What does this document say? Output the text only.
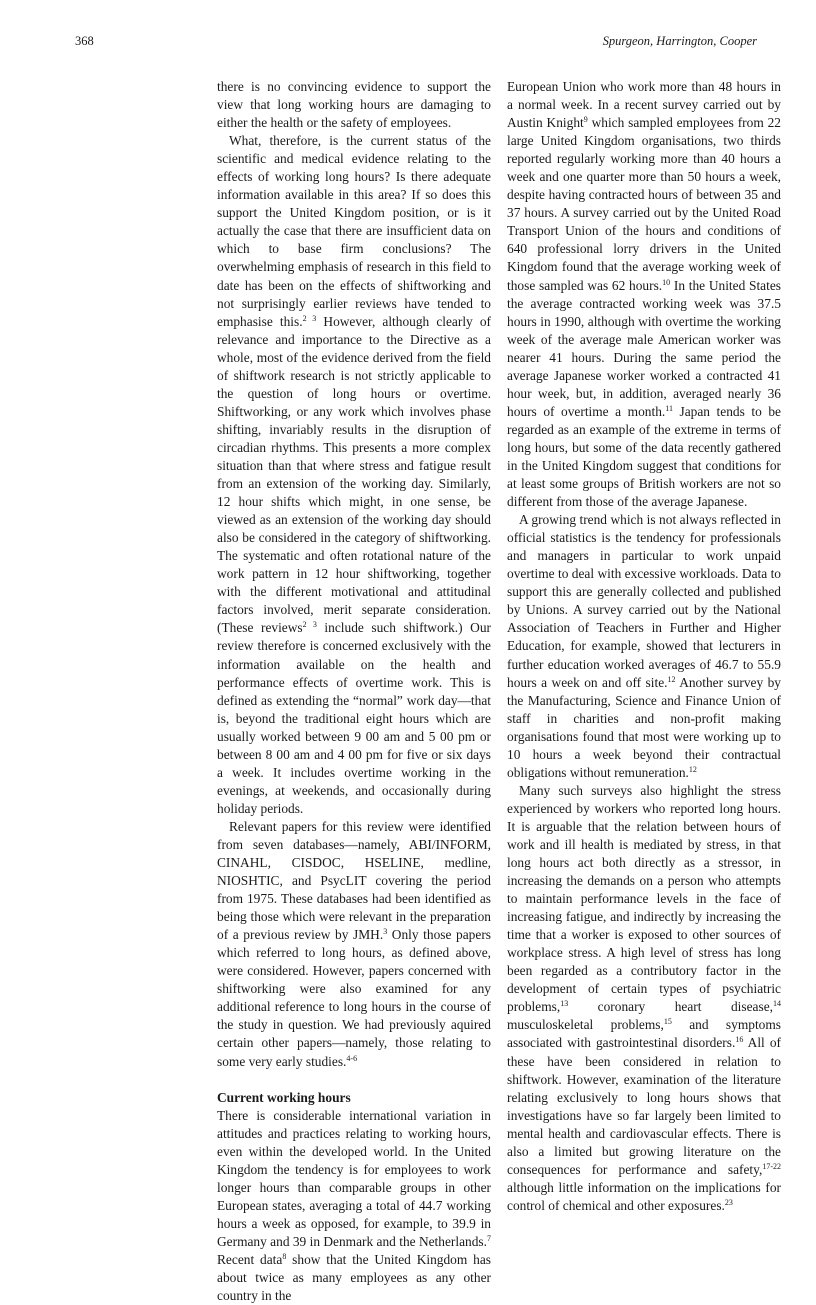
368	Spurgeon, Harrington, Cooper

there is no convincing evidence to support the view that long working hours are damaging to either the health or the safety of employees.

What, therefore, is the current status of the scientific and medical evidence relating to the effects of working long hours? Is there adequate information available in this area? If so does this support the United Kingdom position, or is it actually the case that there are insufficient data on which to base firm conclusions? The overwhelming emphasis of research in this field to date has been on the effects of shiftworking and not surprisingly earlier reviews have tended to emphasise this.$^{2 3}$ However, although clearly of relevance and importance to the Directive as a whole, most of the evidence derived from the field of shiftwork research is not strictly applicable to the question of long hours or overtime. Shiftworking, or any work which involves phase shifting, invariably results in the disruption of circadian rhythms. This presents a more complex situation than that where stress and fatigue result from an extension of the working day. Similarly, 12 hour shifts which might, in one sense, be viewed as an extension of the working day should also be considered in the category of shiftworking. The systematic and often rotational nature of the work pattern in 12 hour shiftworking, together with the different motivational and attitudinal factors involved, merit separate consideration. (These reviews$^{2 3}$ include such shiftwork.) Our review therefore is concerned exclusively with the information available on the health and performance effects of overtime work. This is defined as extending the “normal” work day—that is, beyond the traditional eight hours which are usually worked between 9 00 am and 5 00 pm or between 8 00 am and 4 00 pm for five or six days a week. It includes overtime working in the evenings, at weekends, and occasionally during holiday periods.

Relevant papers for this review were identified from seven databases—namely, ABI/INFORM, CINAHL, CISDOC, HSELINE, medline, NIOSHTIC, and PsycLIT covering the period from 1975. These databases had been identified as being those which were relevant in the preparation of a previous review by JMH.$^3$ Only those papers which referred to long hours, as defined above, were considered. However, papers concerned with shiftworking were also examined for any additional reference to long hours in the course of the study in question. We had previously aquired certain other papers—namely, those relating to some very early studies.$^{4-6}$

Current working hours

There is considerable international variation in attitudes and practices relating to working hours, even within the developed world. In the United Kingdom the tendency is for employees to work longer hours than comparable groups in other European states, averaging a total of 44.7 working hours a week as opposed, for example, to 39.9 in Germany and 39 in Denmark and the Netherlands.$^7$ Recent data$^8$ show that the United Kingdom has about twice as many employees as any other country in the

European Union who work more than 48 hours in a normal week. In a recent survey carried out by Austin Knight$^9$ which sampled employees from 22 large United Kingdom organisations, two thirds reported regularly working more than 40 hours a week and one quarter more than 50 hours a week, despite having contracted hours of between 35 and 37 hours. A survey carried out by the United Road Transport Union of the hours and conditions of 640 professional lorry drivers in the United Kingdom found that the average working week of those sampled was 62 hours.$^{10}$ In the United States the average contracted working week was 37.5 hours in 1990, although with overtime the working week of the average male American worker was nearer 41 hours. During the same period the average Japanese worker worked a contracted 41 hour week, but, in addition, averaged nearly 36 hours of overtime a month.$^{11}$ Japan tends to be regarded as an example of the extreme in terms of long hours, but some of the data recently gathered in the United Kingdom suggest that conditions for at least some groups of British workers are not so different from those of the average Japanese.

A growing trend which is not always reflected in official statistics is the tendency for professionals and managers in particular to work unpaid overtime to deal with excessive workloads. Data to support this are generally collected and published by Unions. A survey carried out by the National Association of Teachers in Further and Higher Education, for example, showed that lecturers in further education worked averages of 46.7 to 55.9 hours a week on and off site.$^{12}$ Another survey by the Manufacturing, Science and Finance Union of staff in charities and non-profit making organisations found that most were working up to 10 hours a week beyond their contractual obligations without remuneration.$^{12}$

Many such surveys also highlight the stress experienced by workers who reported long hours. It is arguable that the relation between hours of work and ill health is mediated by stress, in that long hours act both directly as a stressor, in increasing the demands on a person who attempts to maintain performance levels in the face of increasing fatigue, and indirectly by increasing the time that a worker is exposed to other sources of workplace stress. A high level of stress has long been regarded as a contributory factor in the development of certain types of psychiatric problems,$^{13}$ coronary heart disease,$^{14}$ musculoskeletal problems,$^{15}$ and symptoms associated with gastrointestinal disorders.$^{16}$ All of these have been considered in relation to shiftwork. However, examination of the literature relating exclusively to long hours shows that investigations have so far largely been limited to mental health and cardiovascular effects. There is also a limited but growing literature on the consequences for performance and safety,$^{17-22}$ although little information on the implications for control of chemical and other exposures.$^{23}$
